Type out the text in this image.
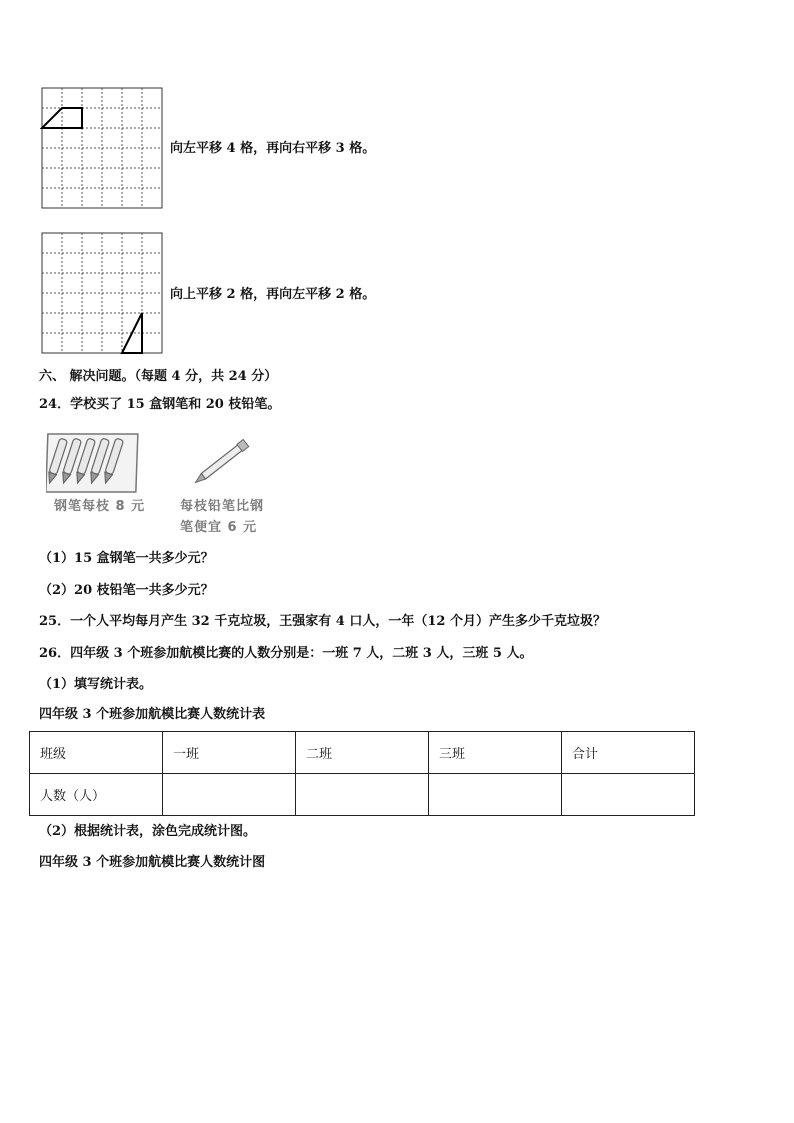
向左平移 4 格，再向右平移 3 格。
向上平移 2 格，再向左平移 2 格。
六、 解决问题。（每题 4 分，共 24 分）
24．学校买了 15 盒钢笔和 20 枝铅笔。
钢笔每枝 8 元	每枝铅笔比钢
笔便宜 6 元
（1）15 盒钢笔一共多少元？
（2）20 枝铅笔一共多少元？
25．一个人平均每月产生 32 千克垃圾，王强家有 4 口人，一年（12 个月）产生多少千克垃圾？
26．四年级 3 个班参加航模比赛的人数分别是：一班 7 人，二班 3 人，三班 5 人。
（1）填写统计表。
四年级 3 个班参加航模比赛人数统计表
班级	一班	二班	三班	合计
人数（人）				
（2）根据统计表，涂色完成统计图。
四年级 3 个班参加航模比赛人数统计图
